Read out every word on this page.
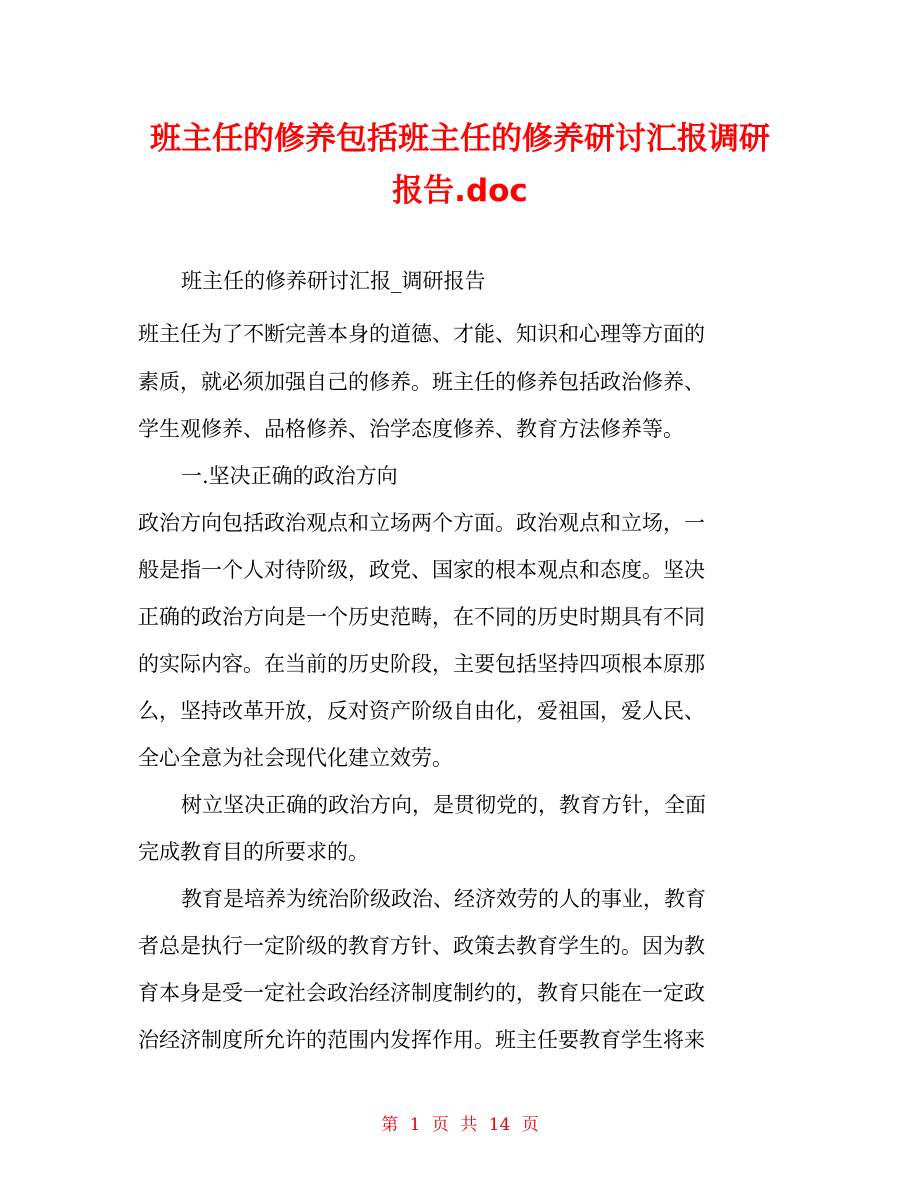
班主任的修养包括班主任的修养研讨汇报调研
报告.doc

班主任的修养研讨汇报_调研报告

班主任为了不断完善本身的道德、才能、知识和心理等方面的

素质，就必须加强自己的修养。班主任的修养包括政治修养、

学生观修养、品格修养、治学态度修养、教育方法修养等。

一.坚决正确的政治方向

政治方向包括政治观点和立场两个方面。政治观点和立场，一

般是指一个人对待阶级，政党、国家的根本观点和态度。坚决

正确的政治方向是一个历史范畴，在不同的历史时期具有不同

的实际内容。在当前的历史阶段，主要包括坚持四项根本原那

么，坚持改革开放，反对资产阶级自由化，爱祖国，爱人民、

全心全意为社会现代化建立效劳。

树立坚决正确的政治方向，是贯彻党的，教育方针，全面

完成教育目的所要求的。

教育是培养为统治阶级政治、经济效劳的人的事业，教育

者总是执行一定阶级的教育方针、政策去教育学生的。因为教

育本身是受一定社会政治经济制度制约的，教育只能在一定政

治经济制度所允许的范围内发挥作用。班主任要教育学生将来

第 1 页 共 14 页
